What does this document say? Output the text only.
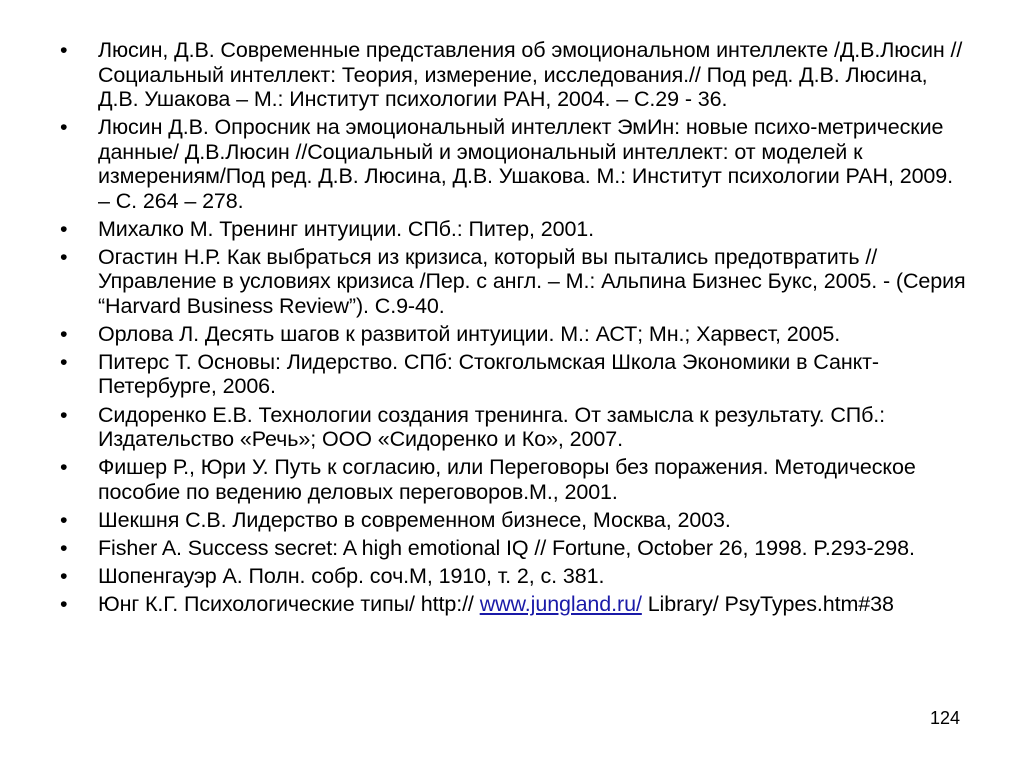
•	Люсин, Д.В. Современные представления об эмоциональном интеллекте /Д.В.Люсин // Социальный интеллект: Теория, измерение, исследования.// Под ред. Д.В. Люсина, Д.В. Ушакова – М.: Институт психологии РАН, 2004. – С.29 - 36.
•	Люсин Д.В. Опросник на эмоциональный интеллект ЭмИн: новые психо-метрические данные/ Д.В.Люсин //Социальный и эмоциональный интеллект: от моделей к измерениям/Под ред. Д.В. Люсина, Д.В. Ушакова. М.: Институт психологии РАН, 2009. – С. 264 – 278.
•	Михалко М. Тренинг интуиции. СПб.: Питер, 2001.
•	Огастин Н.Р. Как выбраться из кризиса, который вы пытались предотвратить //Управление в условиях кризиса /Пер. с англ. – М.: Альпина Бизнес Букс, 2005. - (Серия “Harvard Business Review”). С.9-40.
•	Орлова Л. Десять шагов к развитой интуиции. М.: АСТ; Мн.; Харвест, 2005.
•	Питерс Т. Основы: Лидерство. СПб: Стокгольмская Школа Экономики в Санкт-Петербурге, 2006.
•	Сидоренко Е.В. Технологии создания тренинга. От замысла к результату. СПб.: Издательство «Речь»; ООО «Сидоренко и Ко», 2007.
•	Фишер Р., Юри У. Путь к согласию, или Переговоры без поражения. Методическое пособие по ведению деловых переговоров.М., 2001.
•	Шекшня С.В. Лидерство в современном бизнесе, Москва, 2003.
•	Fisher A. Success secret: A high emotional IQ // Fortune, October 26, 1998. P.293-298.
•	Шопенгауэр А. Полн. собр. соч.М, 1910, т. 2, с. 381.
•	Юнг К.Г. Психологические типы/ http:// www.jungland.ru/ Library/ PsyTypes.htm#38
124
